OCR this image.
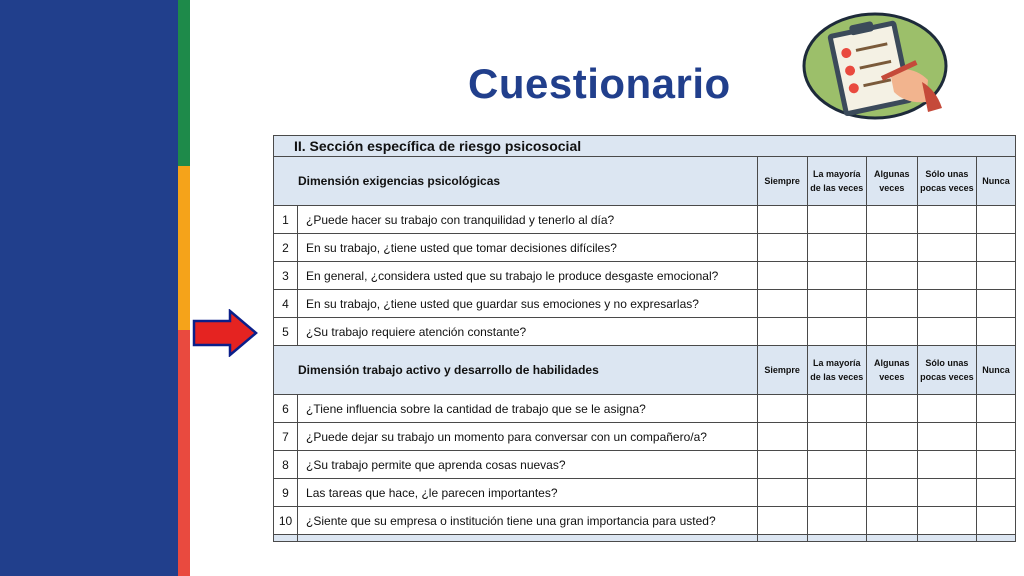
Cuestionario
II. Sección específica de riesgo psicosocial						
Dimensión exigencias psicológicas		Siempre	La mayoría de las veces	Algunas veces	Sólo unas pocas veces	Nunca
1	¿Puede hacer su trabajo con tranquilidad y tenerlo al día?					
2	En su trabajo, ¿tiene usted que tomar decisiones difíciles?					
3	En general, ¿considera usted que su trabajo le produce desgaste emocional?					
4	En su trabajo, ¿tiene usted que guardar sus emociones y no expresarlas?					
5	¿Su trabajo requiere atención constante?					
Dimensión trabajo activo y desarrollo de habilidades		Siempre	La mayoría de las veces	Algunas veces	Sólo unas pocas veces	Nunca
6	¿Tiene influencia sobre la cantidad de trabajo que se le asigna?					
7	¿Puede dejar su trabajo un momento para conversar con un compañero/a?					
8	¿Su trabajo permite que aprenda cosas nuevas?					
9	Las tareas que hace, ¿le parecen importantes?					
10	¿Siente que su empresa o institución tiene una gran importancia para usted?					
